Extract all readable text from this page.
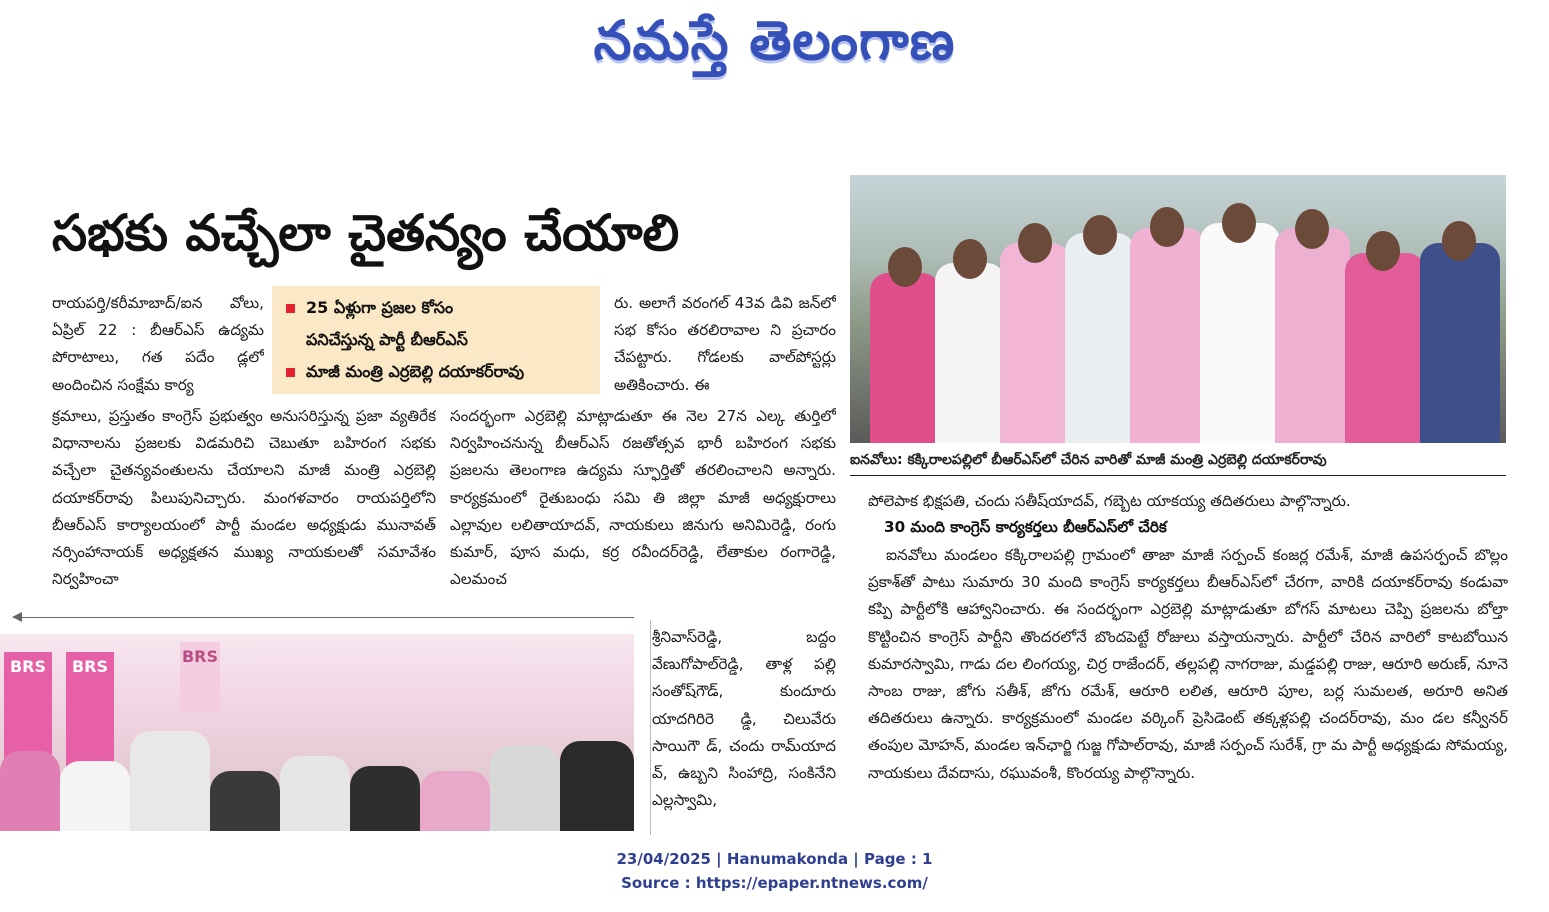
నమస్తే తెలంగాణ
సభకు వచ్చేలా చైతన్యం చేయాలి

రాయపర్తి/కరీమాబాద్/ఐన వోలు, ఏప్రిల్ 22 : బీఆర్‌ఎస్ ఉద్యమ పోరాటాలు, గత పదేం డ్లలో అందించిన సంక్షేమ కార్య

25 ఏళ్లుగా ప్రజల కోసం
పనిచేస్తున్న పార్టీ బీఆర్‌ఎస్
మాజీ మంత్రి ఎర్రబెల్లి దయాకర్‌రావు

క్రమాలు, ప్రస్తుతం కాంగ్రెస్ ప్రభుత్వం అనుసరిస్తున్న ప్రజా వ్యతిరేక విధానాలను ప్రజలకు విడమరిచి చెబుతూ బహిరంగ సభకు వచ్చేలా చైతన్యవంతులను చేయాలని మాజీ మంత్రి ఎర్రబెల్లి దయాకర్‌రావు పిలుపునిచ్చారు. మంగళవారం రాయపర్తిలోని బీఆర్‌ఎస్ కార్యాలయంలో పార్టీ మండల అధ్యక్షుడు మునావత్ నర్సింహానాయక్ అధ్యక్షతన ముఖ్య నాయకులతో సమావేశం నిర్వహించా

రు. అలాగే వరంగల్ 43వ డివి జన్‌లో సభ కోసం తరలిరావాల ని ప్రచారం చేపట్టారు. గోడలకు వాల్‌పోస్టర్లు అతికించారు. ఈ

సందర్భంగా ఎర్రబెల్లి మాట్లాడుతూ ఈ నెల 27న ఎల్క తుర్తిలో నిర్వహించనున్న బీఆర్‌ఎస్ రజతోత్సవ భారీ బహిరంగ సభకు ప్రజలను తెలంగాణ ఉద్యమ స్ఫూర్తితో తరలించాలని అన్నారు. కార్యక్రమంలో రైతుబంధు సమి తి జిల్లా మాజీ అధ్యక్షురాలు ఎల్లావుల లలితాయాదవ్, నాయకులు జినుగు అనిమిరెడ్డి, రంగు కుమార్, పూస మధు, కర్ర రవీందర్‌రెడ్డి, లేతాకుల రంగారెడ్డి, ఎలమంచ

శ్రీనివాస్‌రెడ్డి, బద్దం వేణుగోపాల్‌రెడ్డి, తాళ్ల పల్లి సంతోష్‌గౌడ్, కుందూరు యాదగిరిరె డ్డి, చిలువేరు సాయిగౌ డ్, చందు రామ్‌యాద వ్, ఉబ్బని సింహాద్రి, సంకినేని ఎల్లస్వామి,

BRS	BRS
BRS
ఐనవోలు: కక్కిరాలపల్లిలో బీఆర్‌ఎస్‌లో చేరిన వారితో మాజీ మంత్రి ఎర్రబెల్లి దయాకర్‌రావు

పోలెపాక భిక్షపతి, చందు సతీష్‌యాదవ్, గబ్బెట యాకయ్య తదితరులు పాల్గొన్నారు.

30 మంది కాంగ్రెస్ కార్యకర్తలు బీఆర్‌ఎస్‌లో చేరిక

ఐనవోలు మండలం కక్కిరాలపల్లి గ్రామంలో తాజా మాజీ సర్పంచ్ కంజర్ల రమేశ్, మాజీ ఉపసర్పంచ్ బొల్లం ప్రకాశ్‌తో పాటు సుమారు 30 మంది కాంగ్రెస్ కార్యకర్తలు బీఆర్‌ఎస్‌లో చేరగా, వారికి దయాకర్‌రావు కండువా కప్పి పార్టీలోకి ఆహ్వానించారు. ఈ సందర్భంగా ఎర్రబెల్లి మాట్లాడుతూ బోగస్ మాటలు చెప్పి ప్రజలను బోల్తా కొట్టించిన కాంగ్రెస్ పార్టీని తొందరలోనే బొందపెట్టే రోజులు వస్తాయన్నారు. పార్టీలో చేరిన వారిలో కాటబోయిన కుమారస్వామి, గాడు దల లింగయ్య, చిర్ర రాజేందర్, తల్లపల్లి నాగరాజు, మడ్డపల్లి రాజు, ఆరూరి అరుణ్, నూనె సాంబ రాజు, జోగు సతీశ్, జోగు రమేశ్, ఆరూరి లలిత, ఆరూరి పూల, బర్ల సుమలత, అరూరి అనిత తదితరులు ఉన్నారు. కార్యక్రమంలో మండల వర్కింగ్ ప్రెసిడెంట్ తక్కళ్లపల్లి చందర్‌రావు, మం డల కన్వీనర్ తంపుల మోహన్, మండల ఇన్‌ఛార్జి గుజ్జ గోపాల్‌రావు, మాజీ సర్పంచ్ సురేశ్, గ్రా మ పార్టీ అధ్యక్షుడు సోమయ్య, నాయకులు దేవదాసు, రఘువంశీ, కొంరయ్య పాల్గొన్నారు.

23/04/2025 | Hanumakonda | Page : 1
Source : https://epaper.ntnews.com/
